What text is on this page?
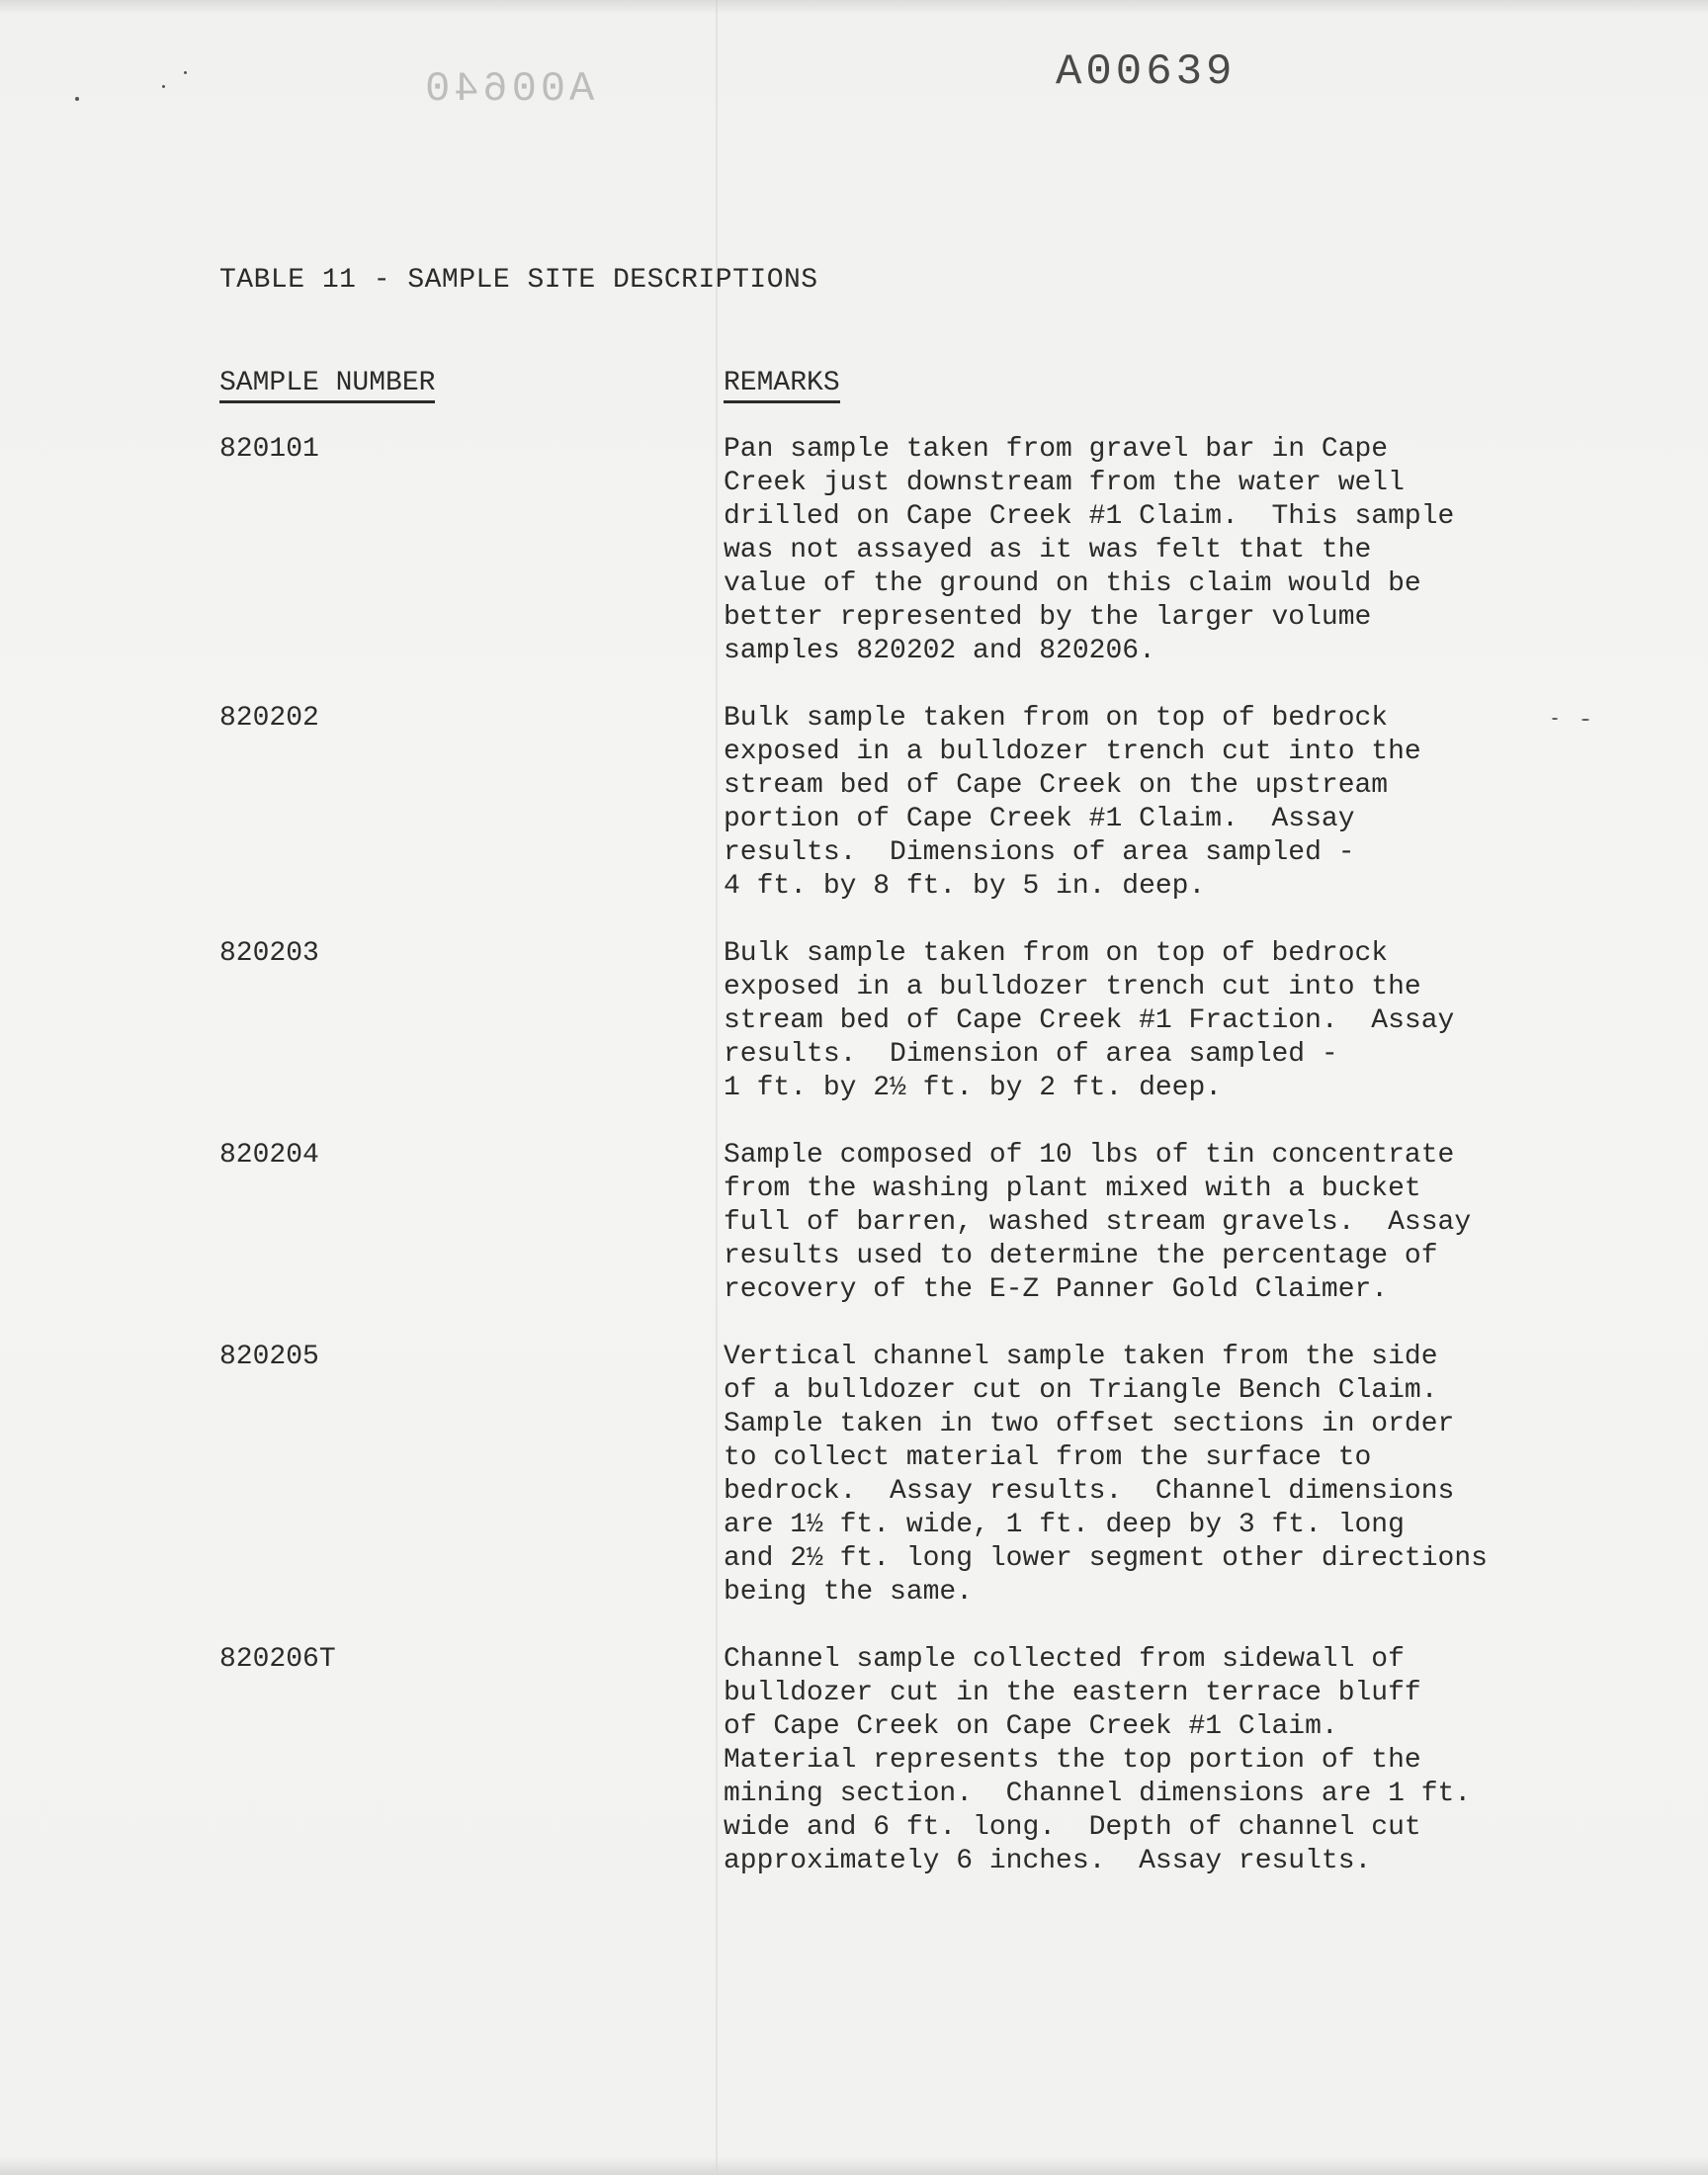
A00640	A00639
TABLE 11 - SAMPLE SITE DESCRIPTIONS
SAMPLE NUMBER	REMARKS
820101	Pan sample taken from gravel bar in Cape
Creek just downstream from the water well
drilled on Cape Creek #1 Claim.  This sample
was not assayed as it was felt that the
value of the ground on this claim would be
better represented by the larger volume
samples 820202 and 820206.
820202	Bulk sample taken from on top of bedrock
exposed in a bulldozer trench cut into the
stream bed of Cape Creek on the upstream
portion of Cape Creek #1 Claim.  Assay
results.  Dimensions of area sampled -
4 ft. by 8 ft. by 5 in. deep.
820203	Bulk sample taken from on top of bedrock
exposed in a bulldozer trench cut into the
stream bed of Cape Creek #1 Fraction.  Assay
results.  Dimension of area sampled -
1 ft. by 2½ ft. by 2 ft. deep.
820204	Sample composed of 10 lbs of tin concentrate
from the washing plant mixed with a bucket
full of barren, washed stream gravels.  Assay
results used to determine the percentage of
recovery of the E-Z Panner Gold Claimer.
820205	Vertical channel sample taken from the side
of a bulldozer cut on Triangle Bench Claim.
Sample taken in two offset sections in order
to collect material from the surface to
bedrock.  Assay results.  Channel dimensions
are 1½ ft. wide, 1 ft. deep by 3 ft. long
and 2½ ft. long lower segment other directions
being the same.
820206T	Channel sample collected from sidewall of
bulldozer cut in the eastern terrace bluff
of Cape Creek on Cape Creek #1 Claim.
Material represents the top portion of the
mining section.  Channel dimensions are 1 ft.
wide and 6 ft. long.  Depth of channel cut
approximately 6 inches.  Assay results.
